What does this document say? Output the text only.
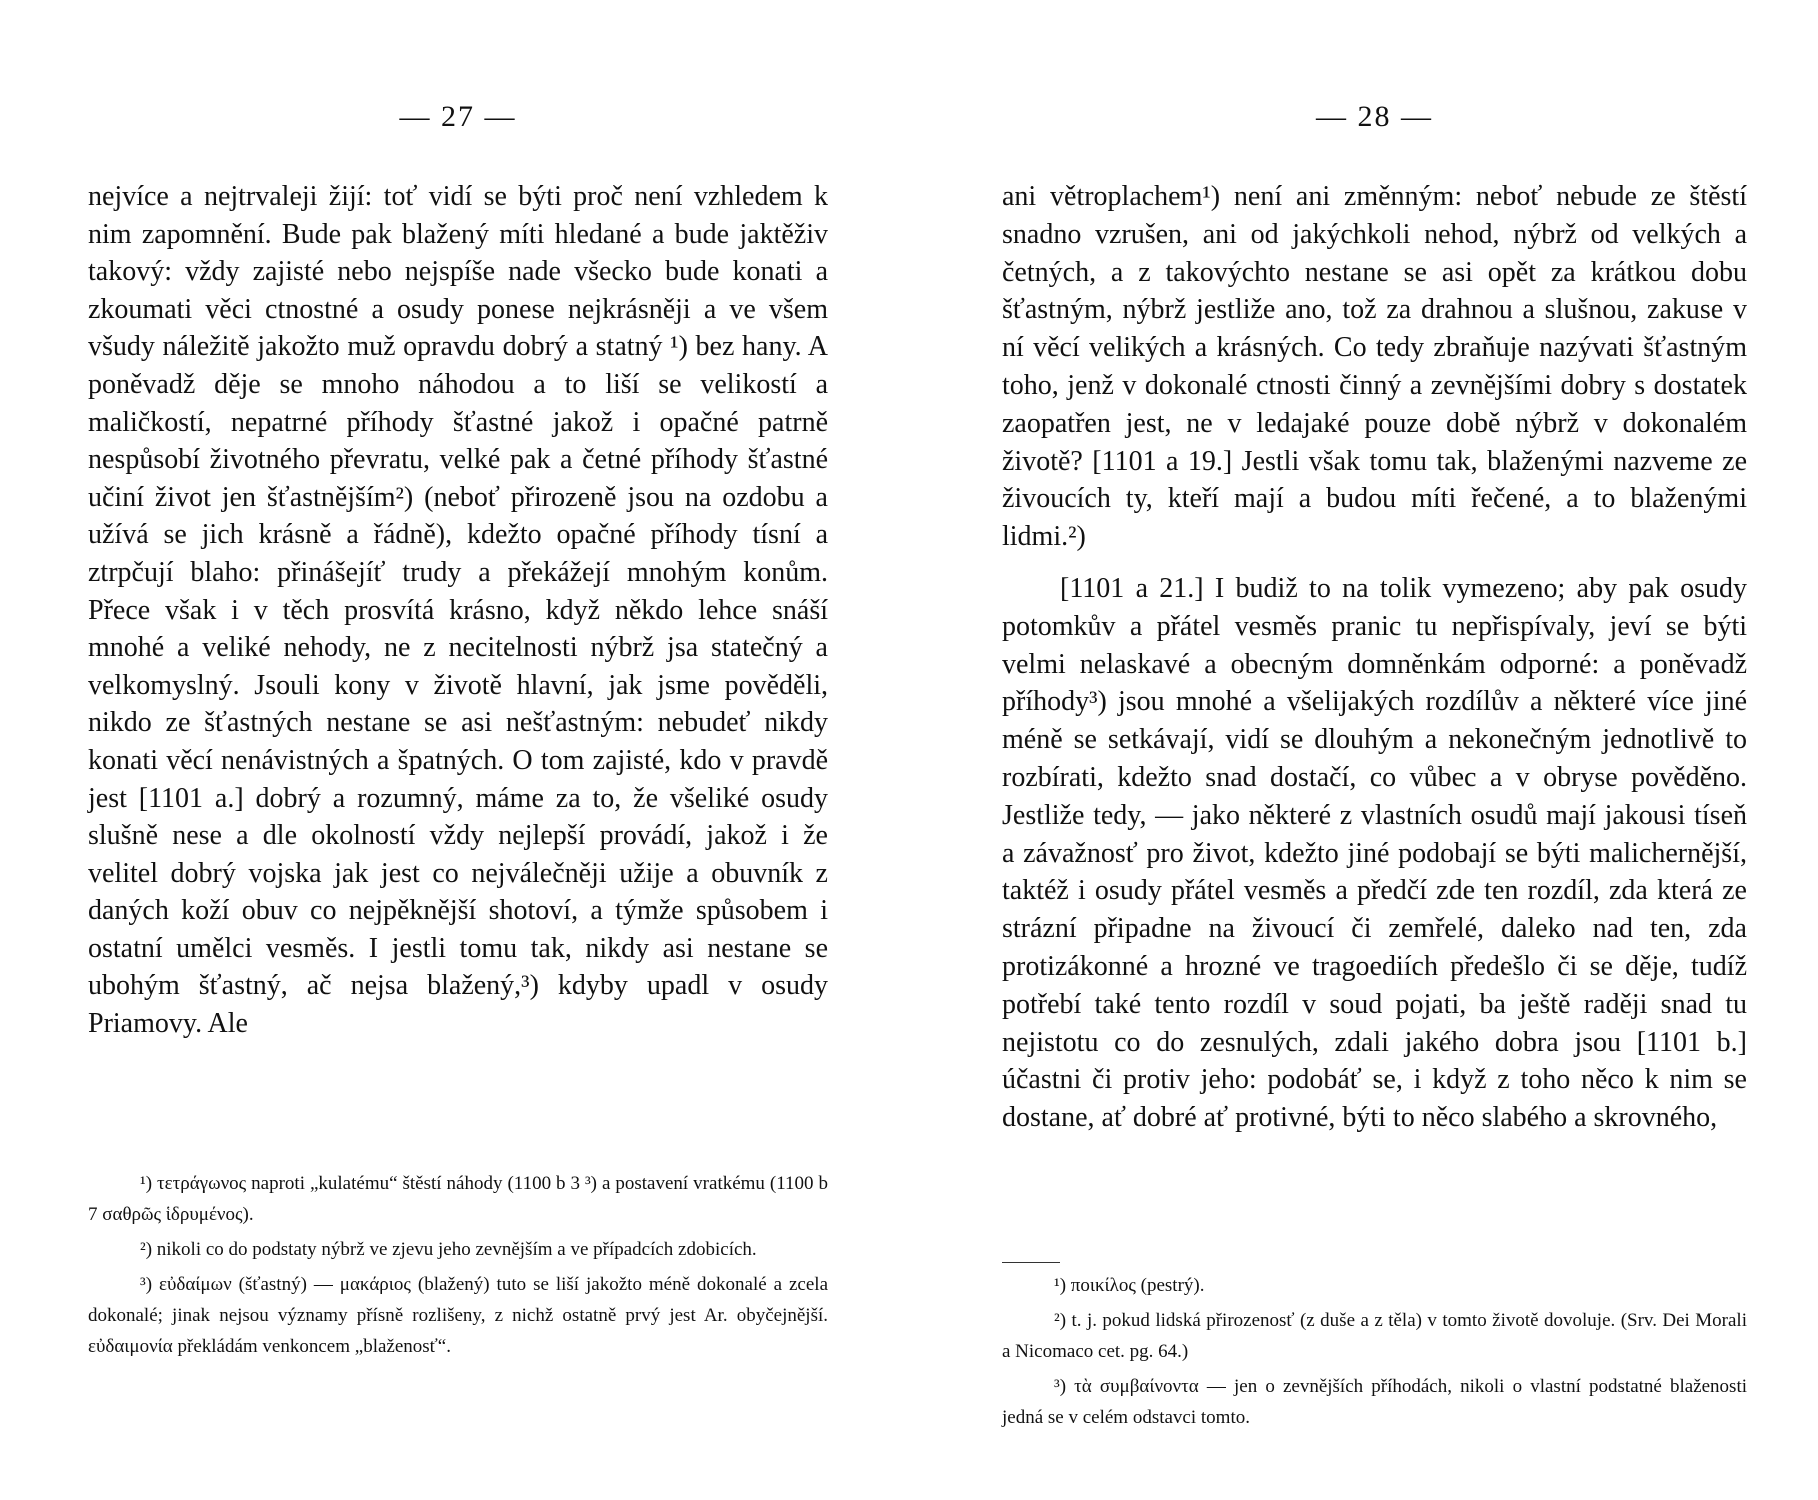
— 27 —

nejvíce a nejtrvaleji žijí: toť vidí se býti proč není vzhledem k nim zapomnění. Bude pak blažený míti hledané a bude jaktěživ takový: vždy zajisté nebo nejspíše nade všecko bude konati a zkoumati věci ctnostné a osudy ponese nejkrásněji a ve všem všudy náležitě jakožto muž opravdu dobrý a statný ¹) bez hany. A poněvadž děje se mnoho náhodou a to liší se velikostí a maličkostí, nepatrné příhody šťastné jakož i opačné patrně nespůsobí životného převratu, velké pak a četné příhody šťastné učiní život jen šťastnějším²) (neboť přirozeně jsou na ozdobu a užívá se jich krásně a řádně), kdežto opačné příhody tísní a ztrpčují blaho: přinášejíť trudy a překážejí mnohým konům. Přece však i v těch prosvítá krásno, když někdo lehce snáší mnohé a veliké nehody, ne z necitelnosti nýbrž jsa statečný a velkomyslný. Jsouli kony v životě hlavní, jak jsme pověděli, nikdo ze šťastných nestane se asi nešťastným: nebudeť nikdy konati věcí nenávistných a špatných. O tom zajisté, kdo v pravdě jest [1101 a.] dobrý a rozumný, máme za to, že všeliké osudy slušně nese a dle okolností vždy nejlepší provádí, jakož i že velitel dobrý vojska jak jest co nejválečněji užije a obuvník z daných koží obuv co nejpěknější shotoví, a týmže spůsobem i ostatní umělci vesměs. I jestli tomu tak, nikdy asi nestane se ubohým šťastný, ač nejsa blažený,³) kdyby upadl v osudy Priamovy. Ale

¹) τετράγωνος naproti „kulatému“ štěstí náhody (1100 b 3 ³) a postavení vratkému (1100 b 7 σαθρῶς ἱδρυμένος).

²) nikoli co do podstaty nýbrž ve zjevu jeho zevnějším a ve případcích zdobicích.

³) εὐδαίμων (šťastný) — μακάριος (blažený) tuto se liší jakožto méně dokonalé a zcela dokonalé; jinak nejsou významy přísně rozlišeny, z nichž ostatně prvý jest Ar. obyčejnější. εὐδαιμονία překládám venkoncem „blaženosť“.

— 28 —

ani větroplachem¹) není ani změnným: neboť nebude ze štěstí snadno vzrušen, ani od jakýchkoli nehod, nýbrž od velkých a četných, a z takovýchto nestane se asi opět za krátkou dobu šťastným, nýbrž jestliže ano, tož za drahnou a slušnou, zakuse v ní věcí velikých a krásných. Co tedy zbraňuje nazývati šťastným toho, jenž v dokonalé ctnosti činný a zevnějšími dobry s dostatek zaopatřen jest, ne v ledajaké pouze době nýbrž v dokonalém životě? [1101 a 19.] Jestli však tomu tak, blaženými nazveme ze živoucích ty, kteří mají a budou míti řečené, a to blaženými lidmi.²)

[1101 a 21.] I budiž to na tolik vymezeno; aby pak osudy potomkův a přátel vesměs pranic tu nepřispívaly, jeví se býti velmi nelaskavé a obecným domněnkám odporné: a poněvadž příhody³) jsou mnohé a všelijakých rozdílův a některé více jiné méně se setkávají, vidí se dlouhým a nekonečným jednotlivě to rozbírati, kdežto snad dostačí, co vůbec a v obryse pověděno. Jestliže tedy, — jako některé z vlastních osudů mají jakousi tíseň a závažnosť pro život, kdežto jiné podobají se býti malichernější, taktéž i osudy přátel vesměs a předčí zde ten rozdíl, zda která ze strázní připadne na živoucí či zemřelé, daleko nad ten, zda protizákonné a hrozné ve tragoediích předešlo či se děje, tudíž potřebí také tento rozdíl v soud pojati, ba ještě raději snad tu nejistotu co do zesnulých, zdali jakého dobra jsou [1101 b.] účastni či protiv jeho: podobáť se, i když z toho něco k nim se dostane, ať dobré ať protivné, býti to něco slabého a skrovného,

¹) ποικίλος (pestrý).

²) t. j. pokud lidská přirozenosť (z duše a z těla) v tomto životě dovoluje. (Srv. Dei Morali a Nicomaco cet. pg. 64.)

³) τὰ συμβαίνοντα — jen o zevnějších příhodách, nikoli o vlastní podstatné blaženosti jedná se v celém odstavci tomto.
